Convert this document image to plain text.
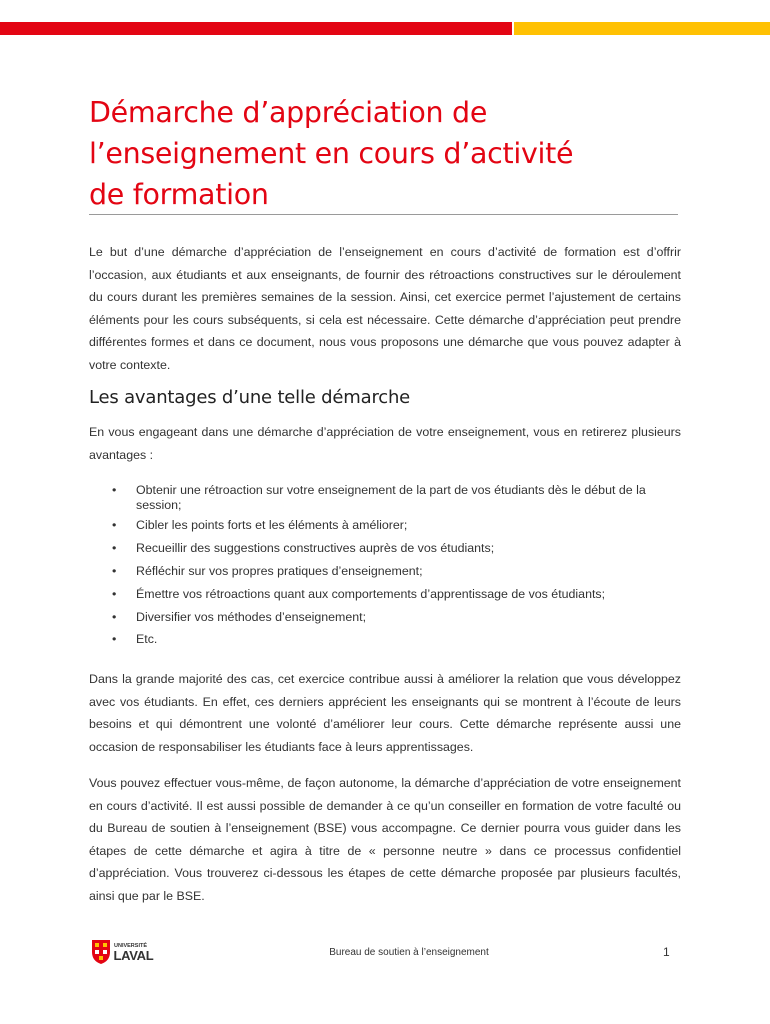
Démarche d’appréciation de
l’enseignement en cours d’activité
de formation

Le but d’une démarche d’appréciation de l’enseignement en cours d’activité de formation est d’offrir
l’occasion, aux étudiants et aux enseignants, de fournir des rétroactions constructives sur le déroulement
du cours durant les premières semaines de la session. Ainsi, cet exercice permet l’ajustement de certains
éléments pour les cours subséquents, si cela est nécessaire. Cette démarche d’appréciation peut prendre
différentes formes et dans ce document, nous vous proposons une démarche que vous pouvez adapter à
votre contexte.

Les avantages d’une telle démarche

En vous engageant dans une démarche d’appréciation de votre enseignement, vous en retirerez plusieurs
avantages :

• Obtenir une rétroaction sur votre enseignement de la part de vos étudiants dès le début de la
session;
• Cibler les points forts et les éléments à améliorer;
• Recueillir des suggestions constructives auprès de vos étudiants;
• Réfléchir sur vos propres pratiques d’enseignement;
• Émettre vos rétroactions quant aux comportements d’apprentissage de vos étudiants;
• Diversifier vos méthodes d’enseignement;
• Etc.

Dans la grande majorité des cas, cet exercice contribue aussi à améliorer la relation que vous développez
avec vos étudiants. En effet, ces derniers apprécient les enseignants qui se montrent à l’écoute de leurs
besoins et qui démontrent une volonté d’améliorer leur cours. Cette démarche représente aussi une
occasion de responsabiliser les étudiants face à leurs apprentissages.

Vous pouvez effectuer vous-même, de façon autonome, la démarche d’appréciation de votre enseignement
en cours d’activité. Il est aussi possible de demander à ce qu’un conseiller en formation de votre faculté ou
du Bureau de soutien à l’enseignement (BSE) vous accompagne. Ce dernier pourra vous guider dans les
étapes de cette démarche et agira à titre de « personne neutre » dans ce processus confidentiel
d’appréciation. Vous trouverez ci-dessous les étapes de cette démarche proposée par plusieurs facultés,
ainsi que par le BSE.

UNIVERSITÉ
LAVAL	Bureau de soutien à l’enseignement	1
